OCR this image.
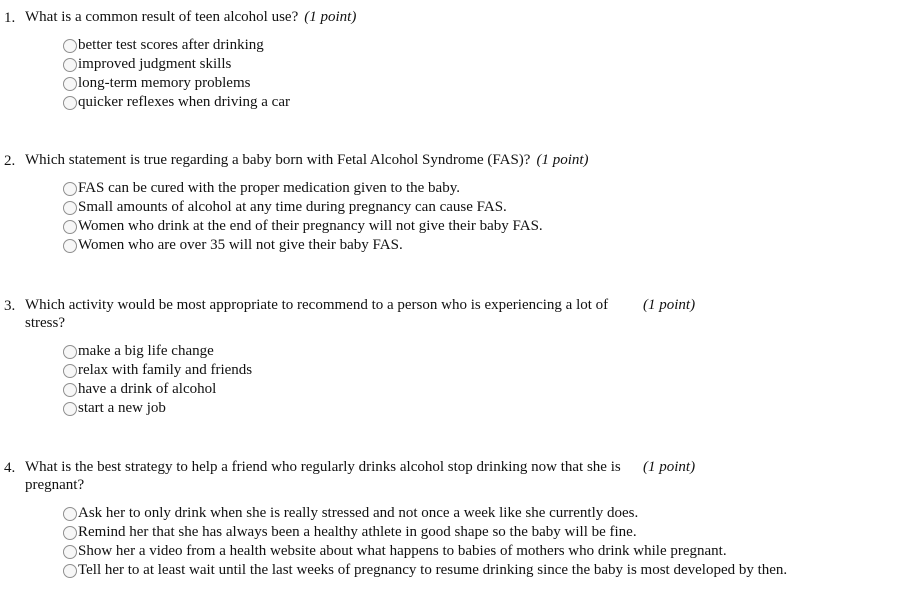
1. What is a common result of teen alcohol use? (1 point)
better test scores after drinking
improved judgment skills
long-term memory problems
quicker reflexes when driving a car
2. Which statement is true regarding a baby born with Fetal Alcohol Syndrome (FAS)? (1 point)
FAS can be cured with the proper medication given to the baby.
Small amounts of alcohol at any time during pregnancy can cause FAS.
Women who drink at the end of their pregnancy will not give their baby FAS.
Women who are over 35 will not give their baby FAS.
3. Which activity would be most appropriate to recommend to a person who is experiencing a lot of stress?
(1 point)
make a big life change
relax with family and friends
have a drink of alcohol
start a new job
4. What is the best strategy to help a friend who regularly drinks alcohol stop drinking now that she is pregnant?
(1 point)
Ask her to only drink when she is really stressed and not once a week like she currently does.
Remind her that she has always been a healthy athlete in good shape so the baby will be fine.
Show her a video from a health website about what happens to babies of mothers who drink while pregnant.
Tell her to at least wait until the last weeks of pregnancy to resume drinking since the baby is most developed by then.
